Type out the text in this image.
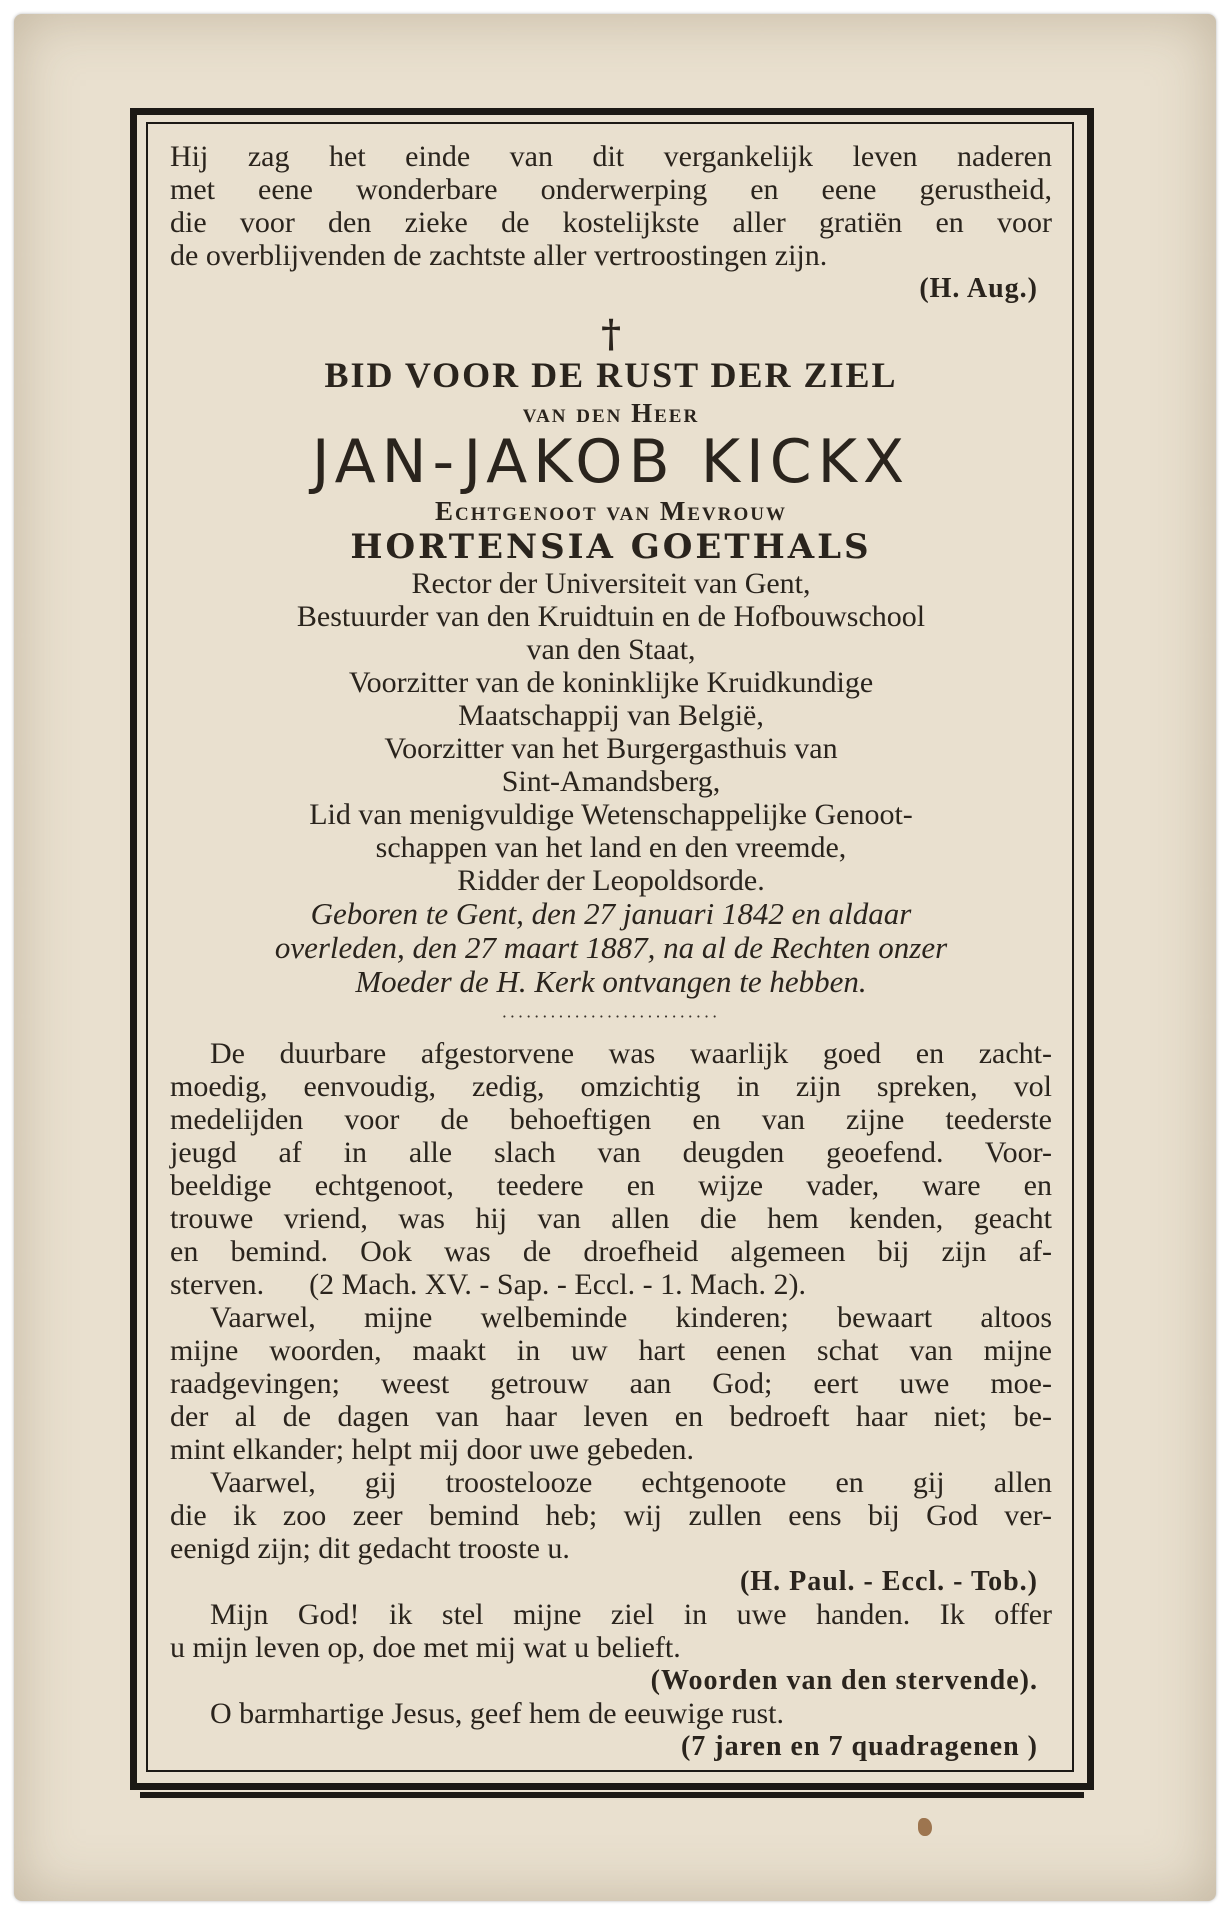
Hij zag het einde van dit vergankelijk leven naderen
met eene wonderbare onderwerping en eene gerustheid,
die voor den zieke de kostelijkste aller gratiën en voor
de overblijvenden de zachtste aller vertroostingen zijn.

(H. Aug.)
†
BID VOOR DE RUST DER ZIEL
van den Heer
JAN-JAKOB KICKX
Echtgenoot van Mevrouw
HORTENSIA GOETHALS
Rector der Universiteit van Gent,
Bestuurder van den Kruidtuin en de Hofbouwschool
van den Staat,
Voorzitter van de koninklijke Kruidkundige
Maatschappij van België,
Voorzitter van het Burgergasthuis van
Sint-Amandsberg,
Lid van menigvuldige Wetenschappelijke Genoot-
schappen van het land en den vreemde,
Ridder der Leopoldsorde.
Geboren te Gent, den 27 januari 1842 en aldaar
overleden, den 27 maart 1887, na al de Rechten onzer
Moeder de H. Kerk ontvangen te hebben.
···························

De duurbare afgestorvene was waarlijk goed en zacht-
moedig, eenvoudig, zedig, omzichtig in zijn spreken, vol
medelijden voor de behoeftigen en van zijne teederste
jeugd af in alle slach van deugden geoefend. Voor-
beeldige echtgenoot, teedere en wijze vader, ware en
trouwe vriend, was hij van allen die hem kenden, geacht
en bemind. Ook was de droefheid algemeen bij zijn af-
sterven.      (2 Mach. XV. - Sap. - Eccl. - 1. Mach. 2).

Vaarwel, mijne welbeminde kinderen; bewaart altoos
mijne woorden, maakt in uw hart eenen schat van mijne
raadgevingen; weest getrouw aan God; eert uwe moe-
der al de dagen van haar leven en bedroeft haar niet; be-
mint elkander; helpt mij door uwe gebeden.

Vaarwel, gij troostelooze echtgenoote en gij allen
die ik zoo zeer bemind heb; wij zullen eens bij God ver-
eenigd zijn; dit gedacht trooste u.

(H. Paul. - Eccl. - Tob.)

Mijn God! ik stel mijne ziel in uwe handen. Ik offer
u mijn leven op, doe met mij wat u belieft.

(Woorden van den stervende).

O barmhartige Jesus, geef hem de eeuwige rust.

(7 jaren en 7 quadragenen )
